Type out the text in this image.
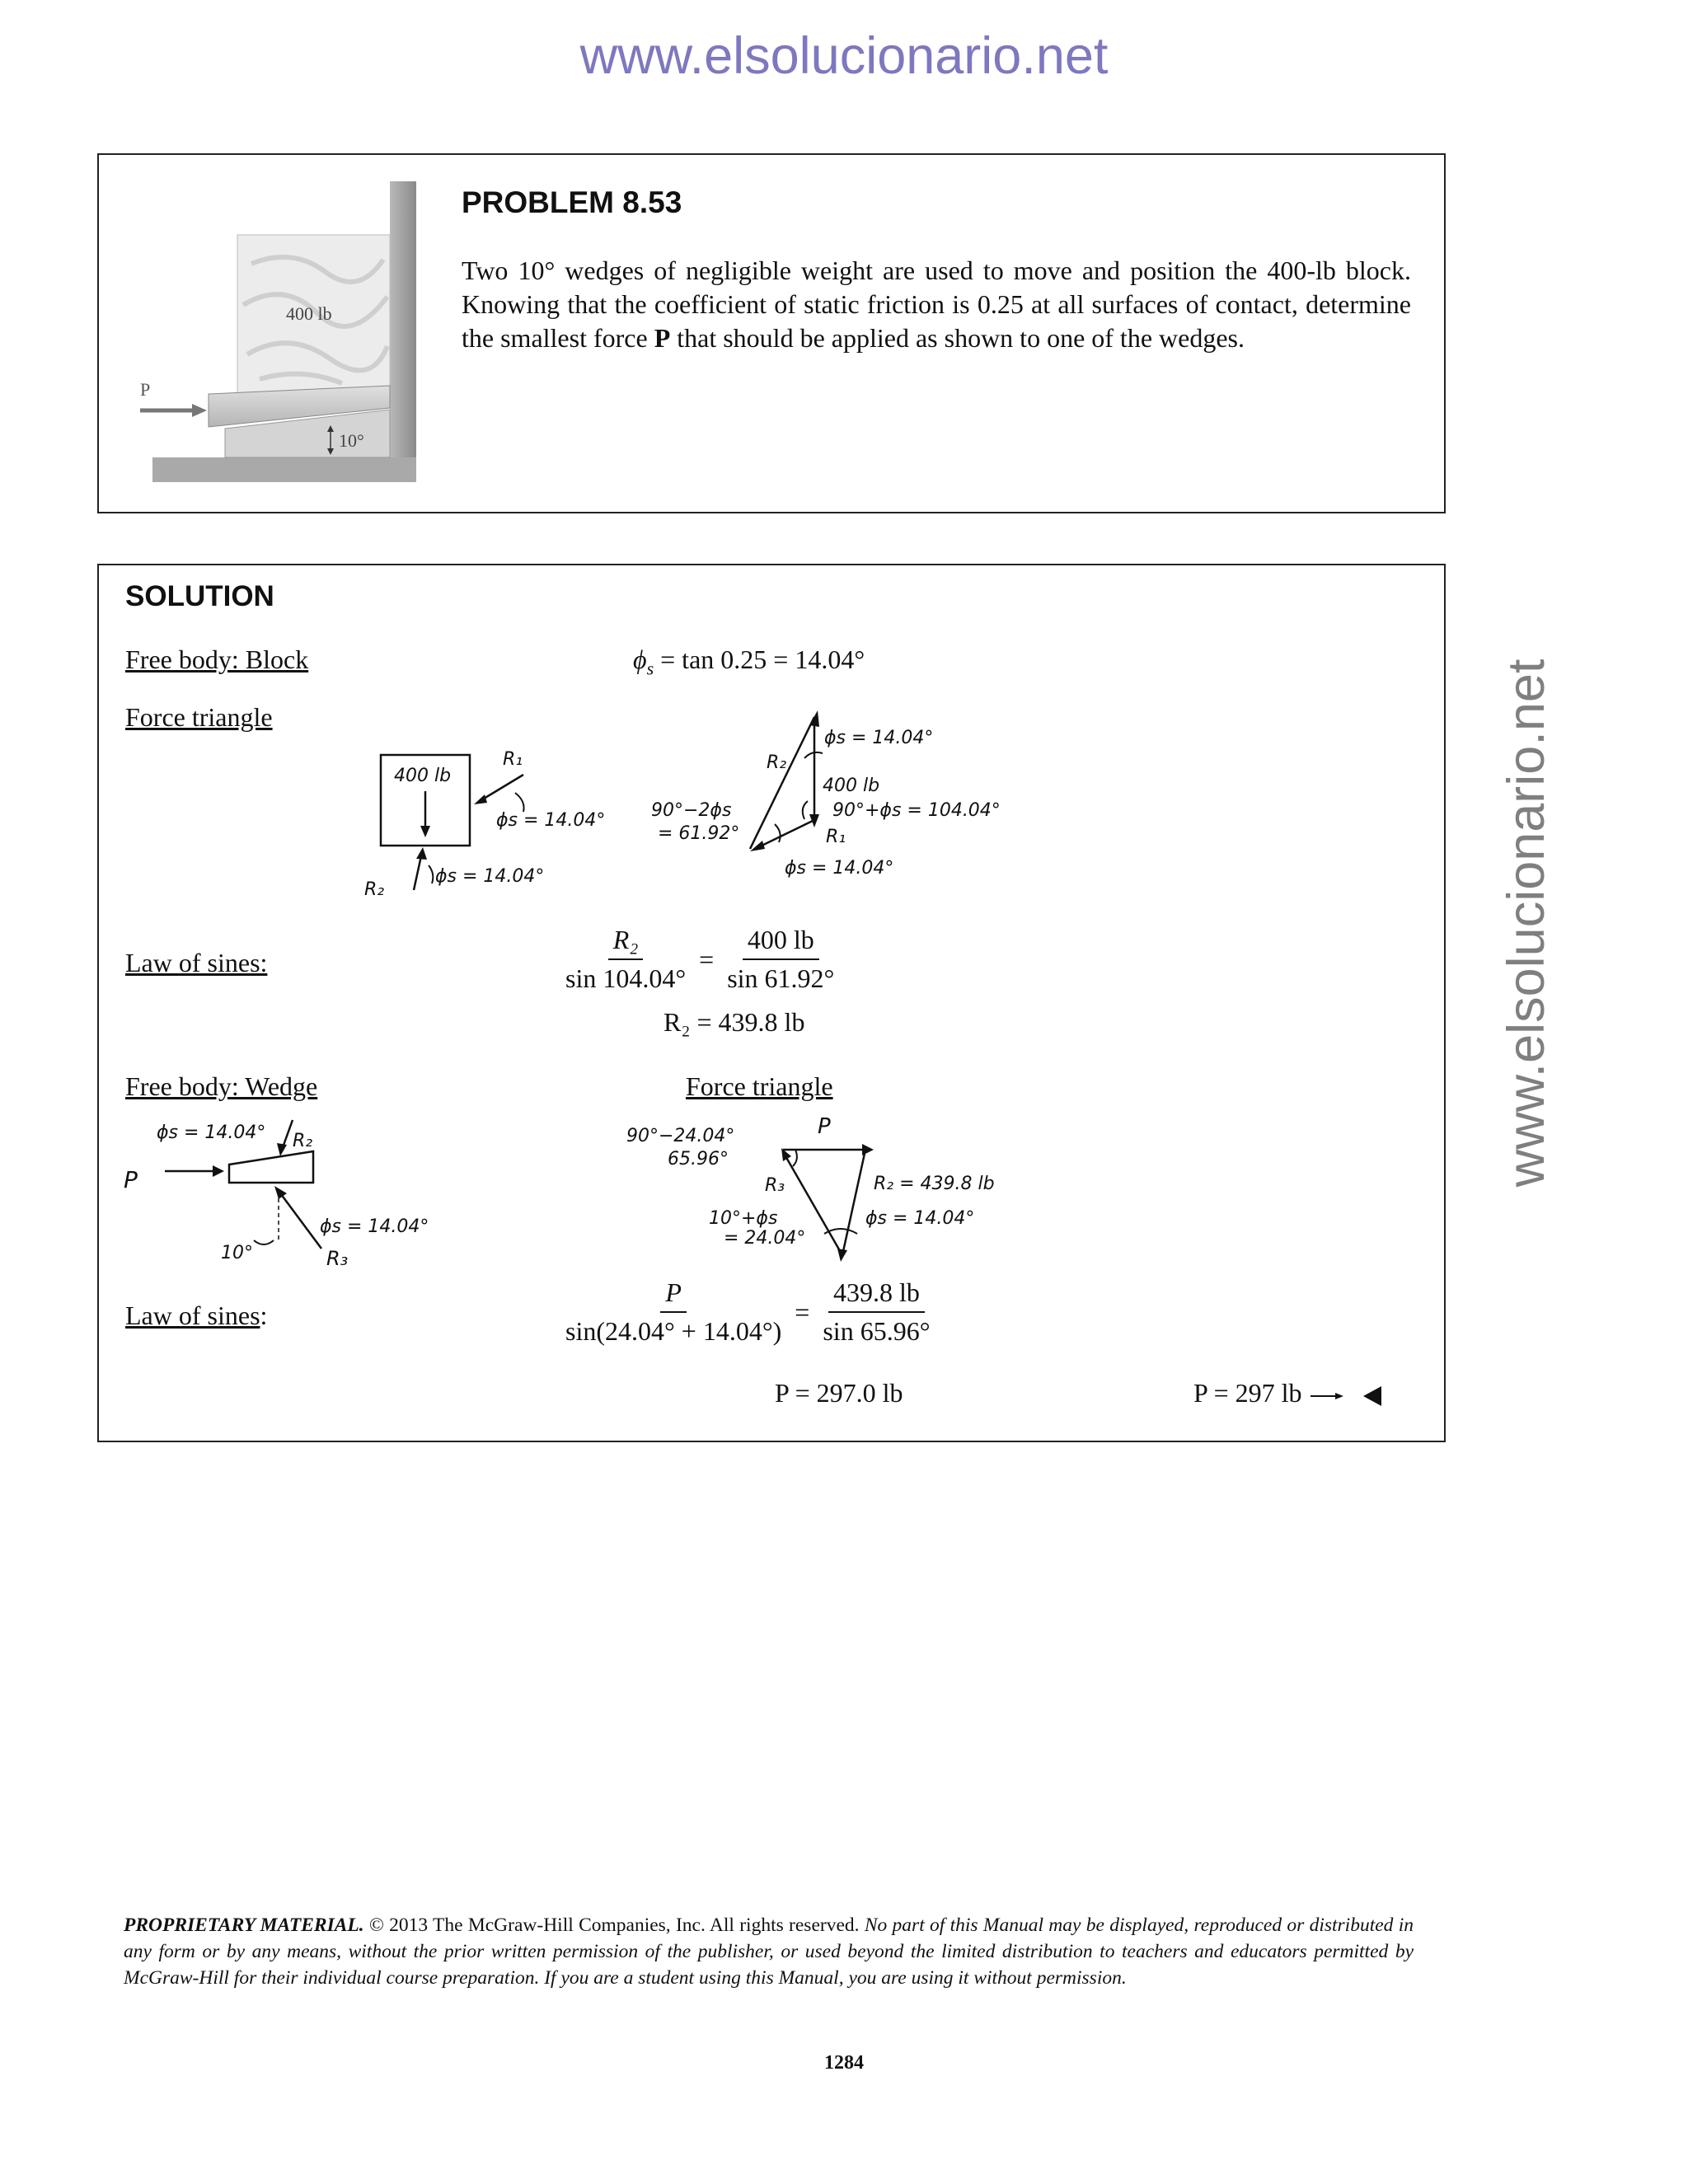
www.elsolucionario.net
www.elsolucionario.net
P
400 lb
10°
PROBLEM 8.53
Two 10° wedges of negligible weight are used to move and position the 400-lb block. Knowing that the coefficient of static friction is 0.25 at all surfaces of contact, determine the smallest force P that should be applied as shown to one of the wedges.
SOLUTION
Free body: Block	$\phi_s = \tan 0.25 = 14.04^\circ$
Force triangle
400 lb
R₁
ϕs = 14.04°
R₂
ϕs = 14.04°
ϕs = 14.04°
R₂
400 lb
90°+ϕs = 104.04°
90°−2ϕs
= 61.92°	R₁
ϕs = 14.04°
Law of sines:	$\frac{\text{R₂}}{\sin 104.04^\circ} = \frac{400 lb}{\sin 61.92^\circ}$
R₂ = 439.8 lb
Free body: Wedge	Force triangle
P
ϕs = 14.04° R₂
10°
ϕs = 14.04°
R₃
90°−24.04°
65.96°
P
R₃	R₂ = 439.8 lb
10°+ϕs
= 24.04°
ϕs = 14.04°
Law of sines:	$\frac{P}{\sin(24.04^\circ + 14.04^\circ)} = \frac{439.8 lb}{\sin 65.96^\circ}$
P = 297.0 lb	P = 297 lb
PROPRIETARY MATERIAL. © 2013 The McGraw-Hill Companies, Inc. All rights reserved. No part of this Manual may be displayed, reproduced or distributed in any form or by any means, without the prior written permission of the publisher, or used beyond the limited distribution to teachers and educators permitted by McGraw-Hill for their individual course preparation. If you are a student using this Manual, you are using it without permission.
1284
